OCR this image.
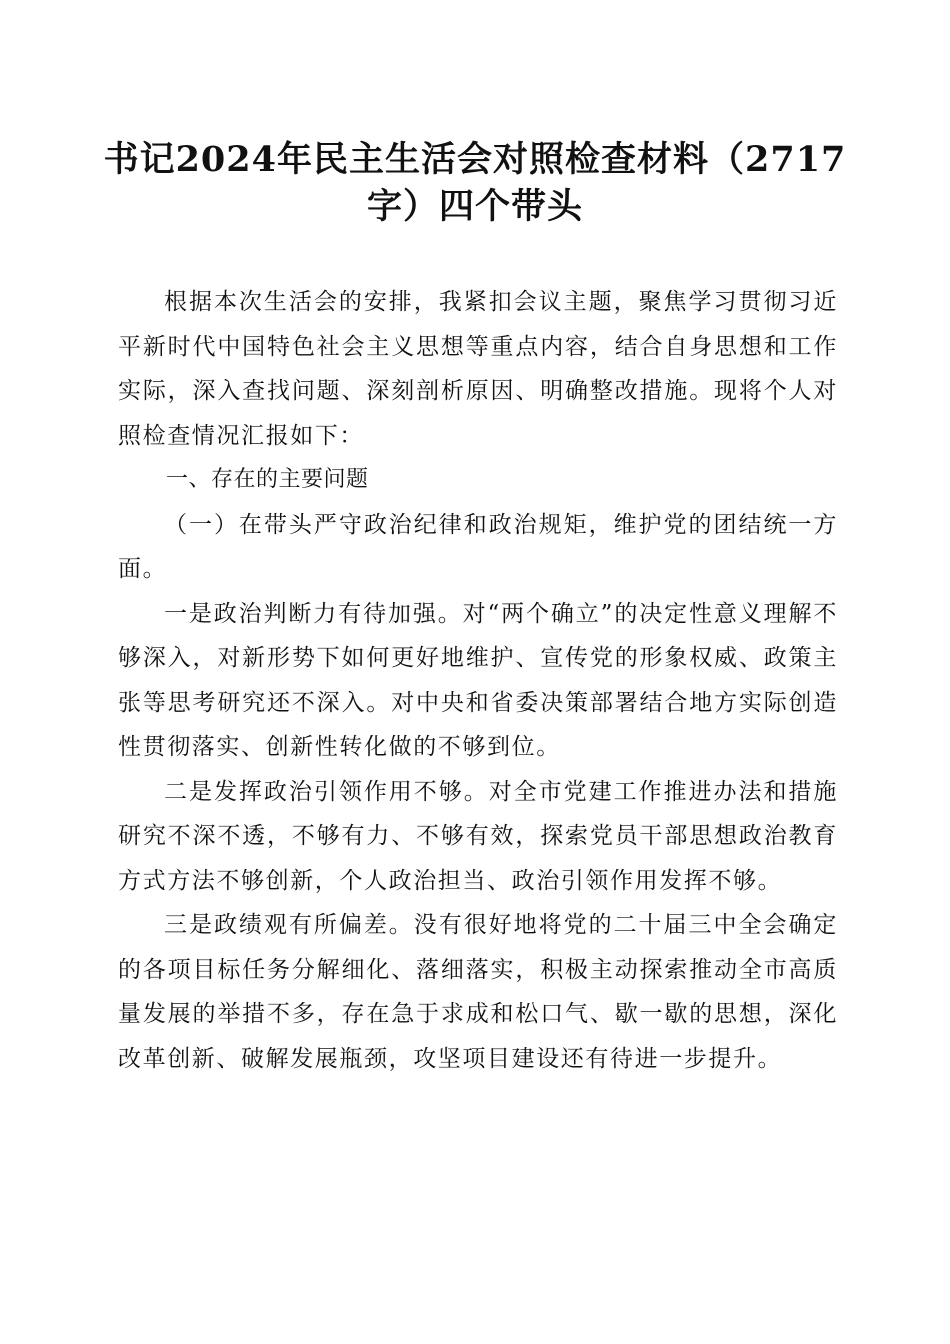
书记2024年民主生活会对照检查材料（2717
字）四个带头

根据本次生活会的安排，我紧扣会议主题，聚焦学习贯彻习近平新时代中国特色社会主义思想等重点内容，结合自身思想和工作实际，深入查找问题、深刻剖析原因、明确整改措施。现将个人对照检查情况汇报如下：

一、存在的主要问题

（一）在带头严守政治纪律和政治规矩，维护党的团结统一方面。

一是政治判断力有待加强。对“两个确立”的决定性意义理解不够深入，对新形势下如何更好地维护、宣传党的形象权威、政策主张等思考研究还不深入。对中央和省委决策部署结合地方实际创造性贯彻落实、创新性转化做的不够到位。

二是发挥政治引领作用不够。对全市党建工作推进办法和措施研究不深不透，不够有力、不够有效，探索党员干部思想政治教育方式方法不够创新，个人政治担当、政治引领作用发挥不够。

三是政绩观有所偏差。没有很好地将党的二十届三中全会确定的各项目标任务分解细化、落细落实，积极主动探索推动全市高质量发展的举措不多，存在急于求成和松口气、歇一歇的思想，深化改革创新、破解发展瓶颈，攻坚项目建设还有待进一步提升。
